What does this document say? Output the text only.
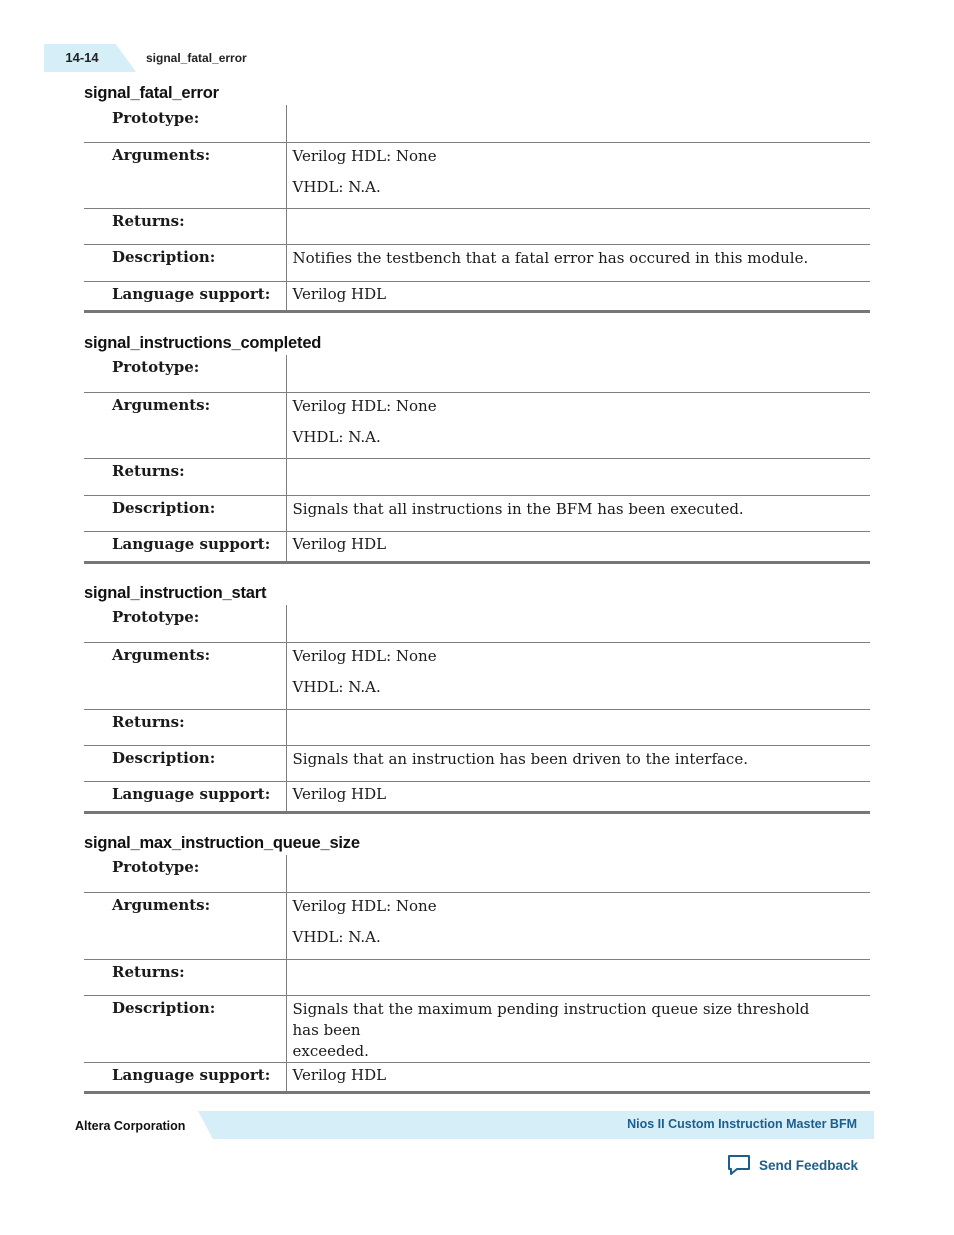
14-14	signal_fatal_error
signal_fatal_error
Prototype:	
Arguments:	Verilog HDL: None
VHDL: N.A.

Returns:	
Description:	Notifies the testbench that a fatal error has occured in this module.

Language support:	Verilog HDL
signal_instructions_completed
Prototype:	
Arguments:	Verilog HDL: None
VHDL: N.A.

Returns:	
Description:	Signals that all instructions in the BFM has been executed.

Language support:	Verilog HDL
signal_instruction_start
Prototype:	
Arguments:	Verilog HDL: None
VHDL: N.A.

Returns:	
Description:	Signals that an instruction has been driven to the interface.

Language support:	Verilog HDL
signal_max_instruction_queue_size
Prototype:	
Arguments:	Verilog HDL: None
VHDL: N.A.

Returns:	
Description:	Signals that the maximum pending instruction queue size threshold has been
exceeded.

Language support:	Verilog HDL
Altera Corporation	Nios II Custom Instruction Master BFM
Send Feedback
